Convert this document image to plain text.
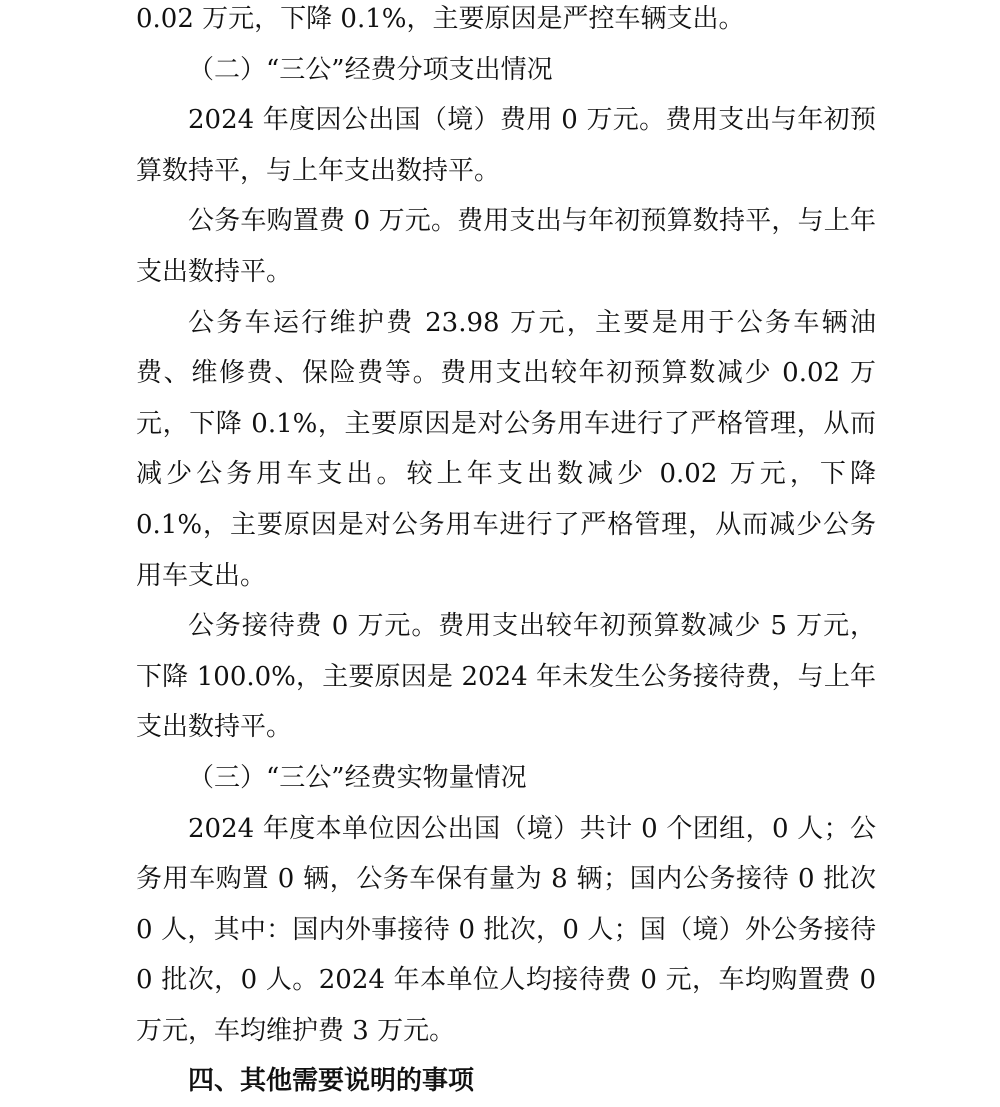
0.02 万元，下降 0.1%，主要原因是严控车辆支出。

（二）“三公”经费分项支出情况

2024 年度因公出国（境）费用 0 万元。费用支出与年初预算数持平，与上年支出数持平。

公务车购置费 0 万元。费用支出与年初预算数持平，与上年支出数持平。

公务车运行维护费 23.98 万元，主要是用于公务车辆油费、维修费、保险费等。费用支出较年初预算数减少 0.02 万元，下降 0.1%，主要原因是对公务用车进行了严格管理，从而减少公务用车支出。较上年支出数减少 0.02 万元，下降 0.1%，主要原因是对公务用车进行了严格管理，从而减少公务用车支出。

公务接待费 0 万元。费用支出较年初预算数减少 5 万元，下降 100.0%，主要原因是 2024 年未发生公务接待费，与上年支出数持平。

（三）“三公”经费实物量情况

2024 年度本单位因公出国（境）共计 0 个团组，0 人；公务用车购置 0 辆，公务车保有量为 8 辆；国内公务接待 0 批次 0 人，其中：国内外事接待 0 批次，0 人；国（境）外公务接待 0 批次，0 人。2024 年本单位人均接待费 0 元，车均购置费 0 万元，车均维护费 3 万元。

四、其他需要说明的事项
